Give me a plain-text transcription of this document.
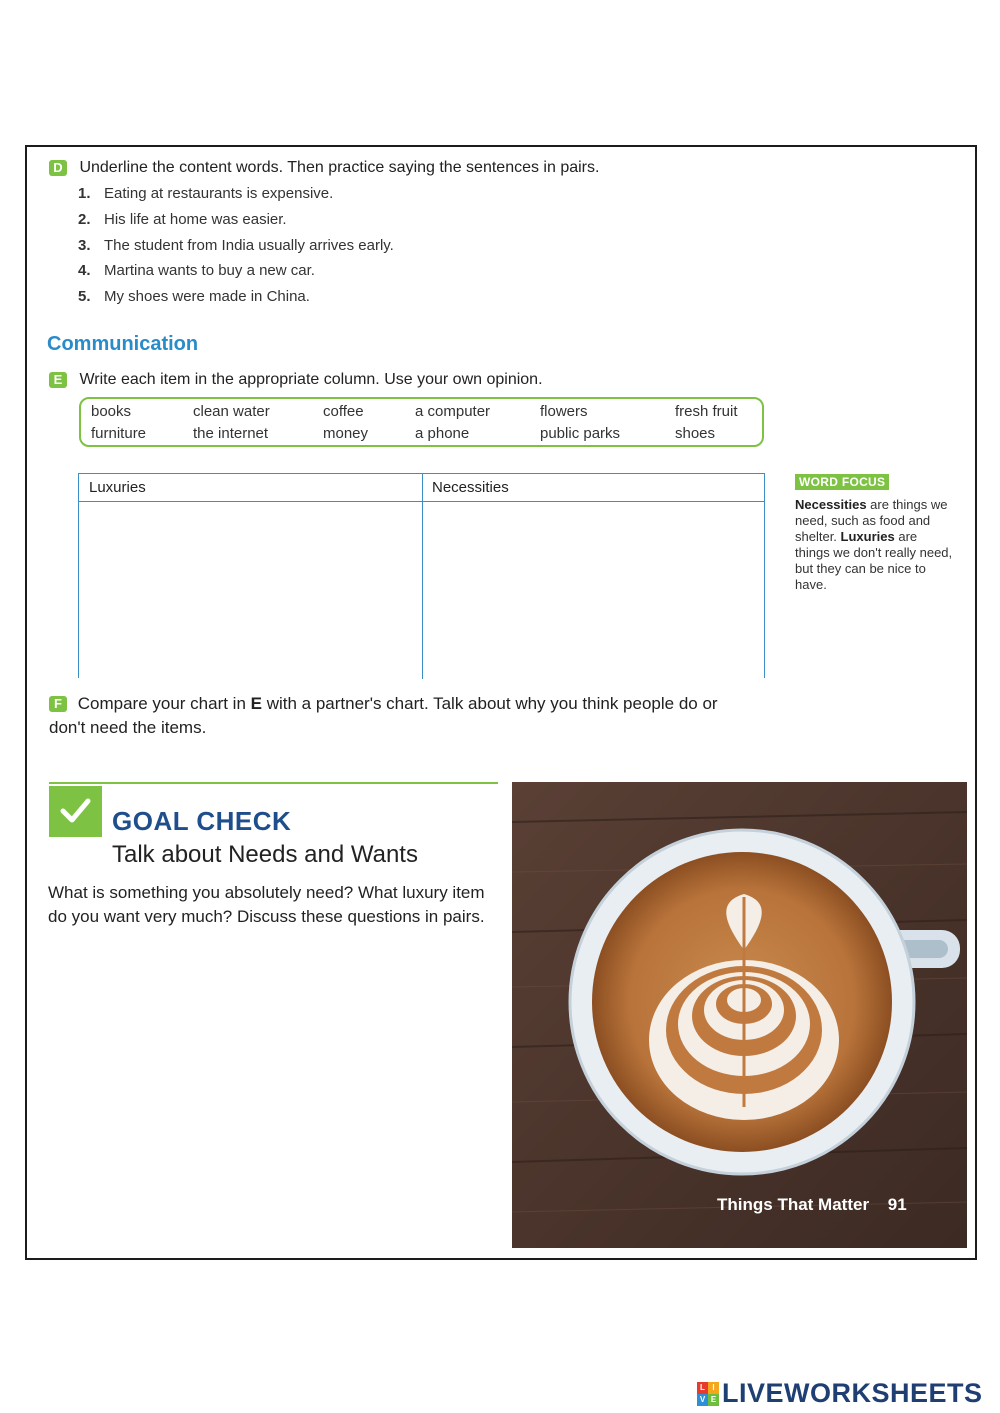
D Underline the content words. Then practice saying the sentences in pairs.
1. Eating at restaurants is expensive.
2. His life at home was easier.
3. The student from India usually arrives early.
4. Martina wants to buy a new car.
5. My shoes were made in China.
Communication
E Write each item in the appropriate column. Use your own opinion.
books	clean water	coffee	a computer	flowers	fresh fruit
furniture	the internet	money	a phone	public parks	shoes
Luxuries	Necessities	WORD FOCUS
Necessities are things we need, such as food and shelter. Luxuries are things we don't really need, but they can be nice to have.
F Compare your chart in E with a partner's chart. Talk about why you think people do or don't need the items.
GOAL CHECK
Talk about Needs and Wants
What is something you absolutely need? What luxury item do you want very much? Discuss these questions in pairs.
Things That Matter 91
L I
V E LIVEWORKSHEETS
